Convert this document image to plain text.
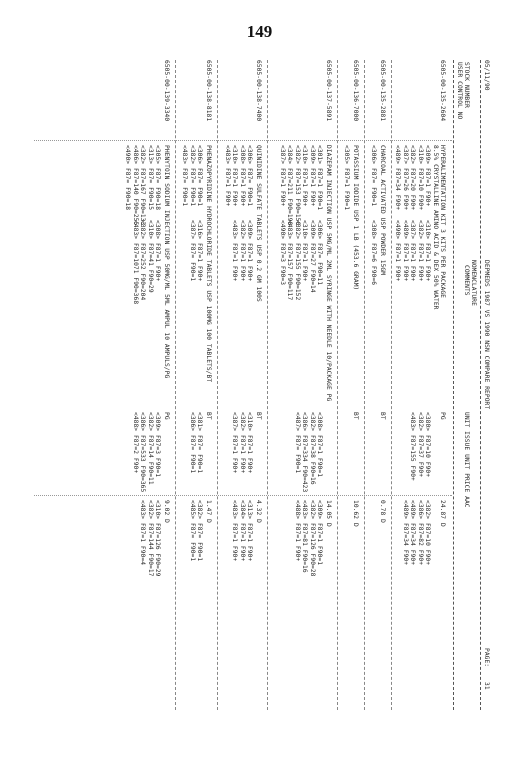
149
05/11/90
DEPMEDS 1987 VS 1990 NSN COMPARE REPORT
PAGE:
31
NOMENCLATURE
STOCK NUMBER
COMMENTS
UNIT ISSUE UNIT PRICE AAC
USER CONTROL NO
6505-00-135-2604
HYPERALIMENTATION KIT 3 KITS PER PACKAGE
PG
24.87 D
8.5% CRYSTALLINE AMINO ACID & DEX 50% WATER
<309> F87=1 F90+
<310> F87=10 F90+
<382> F87=20 F90+
<387> F87=26 F90+
<489> F87=34 F90+
<310> F87=1 F90+
<382> F87=1 F90+
<387> F87=1 F90+
<489> F87=1 F90+
<490> F87=1 F90+
<380> F87=10 F90+
<382> F87=37 F90+
<483> F87=155 F90+
<382> F87=10 F90+
<386> F87=82 F90+
<489> F87=34 F90+
<489> F87=34 F90+
6505-00-135-2881
CHARCOAL ACTIVATED USP POWDER 15GM
BT
0.78 D
<306> F87= F90=1
<308> F87=6 F90=6
6505-00-136-7000
POTASSIUM IODIDE USP 1 LB (453.6 GRAM)
BT
10.62 D
<305> F87=1 F90=1
6505-00-137-5891
DIAZEPAM INJECTION USP 5MG/ML 2ML SYRINGE WITH NEEDLE 10/PACKAGE PG
14.05 D
<301> F87=1 F90=1
<309> F87=1 F90+
<310> F87=1 F90+
<382> F87=153 F90=150
<384> F87=211 F90=198
<387> F87=1 F90+
<306> F87= F90=11
<309> F87=27 F90=14
<310> F87=1 F90+
<382> F87=155 F90=152
<483> F87=157 F90=117
<490> F87=3 F90=3
<308> F87=1 F90=1
<382> F87=38 F90=16
<386> F87=334 F90=423
<487> F87= F90=1
<309> F87=1 F90=1
<382> F87=126 F90=28
<483> F87=81 F90=16
<488> F87=1 F90+
6505-00-138-7400
QUINIDINE SULFATE TABLETS USP 0.2 GM 100S
BT
4.32 D
<306> F87= F90=1
<308> F87=1 F90+
<310> F87=1 F90+
<483> F87=1 F90+
<309> F87=1 F90+
<382> F87=1 F90+
<483> F87=1 F90+
<310> F87=1 F90+
<382> F87=1 F90+
<387> F87=1 F90+
<313> F87=1 F90+
<384> F87=1 F90+
<483> F87=1 F90+
6505-00-138-8181
PHENAZOPYRIDINE HYDROCHLORIDE TABLETS USP 100MG 100 TABLETS/BT
BT
1.47 D
<306> F87= F90=1
<382> F87= F90=1
<483> F87= F90=1
<316> F87=1 F90+
<387> F87= F90=1
<381> F87= F90=1
<386> F87= F90=1
<382> F87= F90=1
<485> F87= F90=1
6505-00-139-3340
PHENYTOIN SODIUM INJECTION USP 50MG/ML 5ML AMPUL 10 AMPULS/PG
PG
9.02 D
<305> F87= F90=18
<313> F87= F90=15
<382> F87=167 F90=133
<486> F87=140 F90=255
<490> F87= F90=18
<308> F87=1 F90+
<310> F87=41 F90=29
<382> F87=252 F90=204
<483> F87=1071 F90=368
<309> F87=3 F90=1
<382> F87=14 F90=11
<386> F87=533 F90=365
<488> F87=2 F90+
<310> F87=126 F90=29
<382> F87=144 F90=17
<483> F87=1 F90=4
